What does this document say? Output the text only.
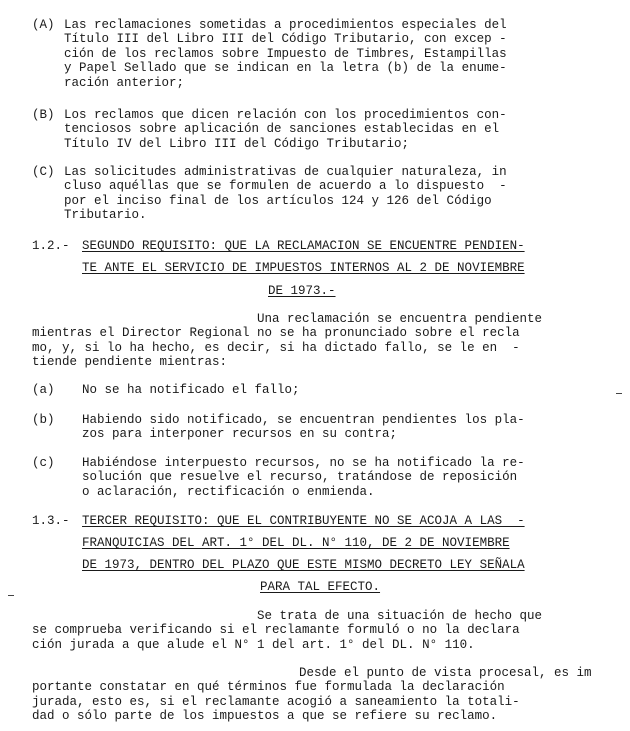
(A) Las reclamaciones sometidas a procedimientos especiales del
Título III del Libro III del Código Tributario, con excep -
ción de los reclamos sobre Impuesto de Timbres, Estampillas
y Papel Sellado que se indican en la letra (b) de la enume-
ración anterior;
(B) Los reclamos que dicen relación con los procedimientos con-
tenciosos sobre aplicación de sanciones establecidas en el
Título IV del Libro III del Código Tributario;
(C) Las solicitudes administrativas de cualquier naturaleza, in
cluso aquéllas que se formulen de acuerdo a lo dispuesto  -
por el inciso final de los artículos 124 y 126 del Código
Tributario.
1.2.- SEGUNDO REQUISITO: QUE LA RECLAMACION SE ENCUENTRE PENDIEN-
TE ANTE EL SERVICIO DE IMPUESTOS INTERNOS AL 2 DE NOVIEMBRE
DE 1973.-
Una reclamación se encuentra pendiente
mientras el Director Regional no se ha pronunciado sobre el recla
mo, y, si lo ha hecho, es decir, si ha dictado fallo, se le en  -
tiende pendiente mientras:
(a) No se ha notificado el fallo;
(b) Habiendo sido notificado, se encuentran pendientes los pla-
zos para interponer recursos en su contra;
(c) Habiéndose interpuesto recursos, no se ha notificado la re-
solución que resuelve el recurso, tratándose de reposición
o aclaración, rectificación o enmienda.
1.3.- TERCER REQUISITO: QUE EL CONTRIBUYENTE NO SE ACOJA A LAS  -
FRANQUICIAS DEL ART. 1° DEL DL. N° 110, DE 2 DE NOVIEMBRE
DE 1973, DENTRO DEL PLAZO QUE ESTE MISMO DECRETO LEY SEÑALA
PARA TAL EFECTO.
Se trata de una situación de hecho que
se comprueba verificando si el reclamante formuló o no la declara
ción jurada a que alude el N° 1 del art. 1° del DL. N° 110.
Desde el punto de vista procesal, es im
portante constatar en qué términos fue formulada la declaración
jurada, esto es, si el reclamante acogió a saneamiento la totali-
dad o sólo parte de los impuestos a que se refiere su reclamo.
